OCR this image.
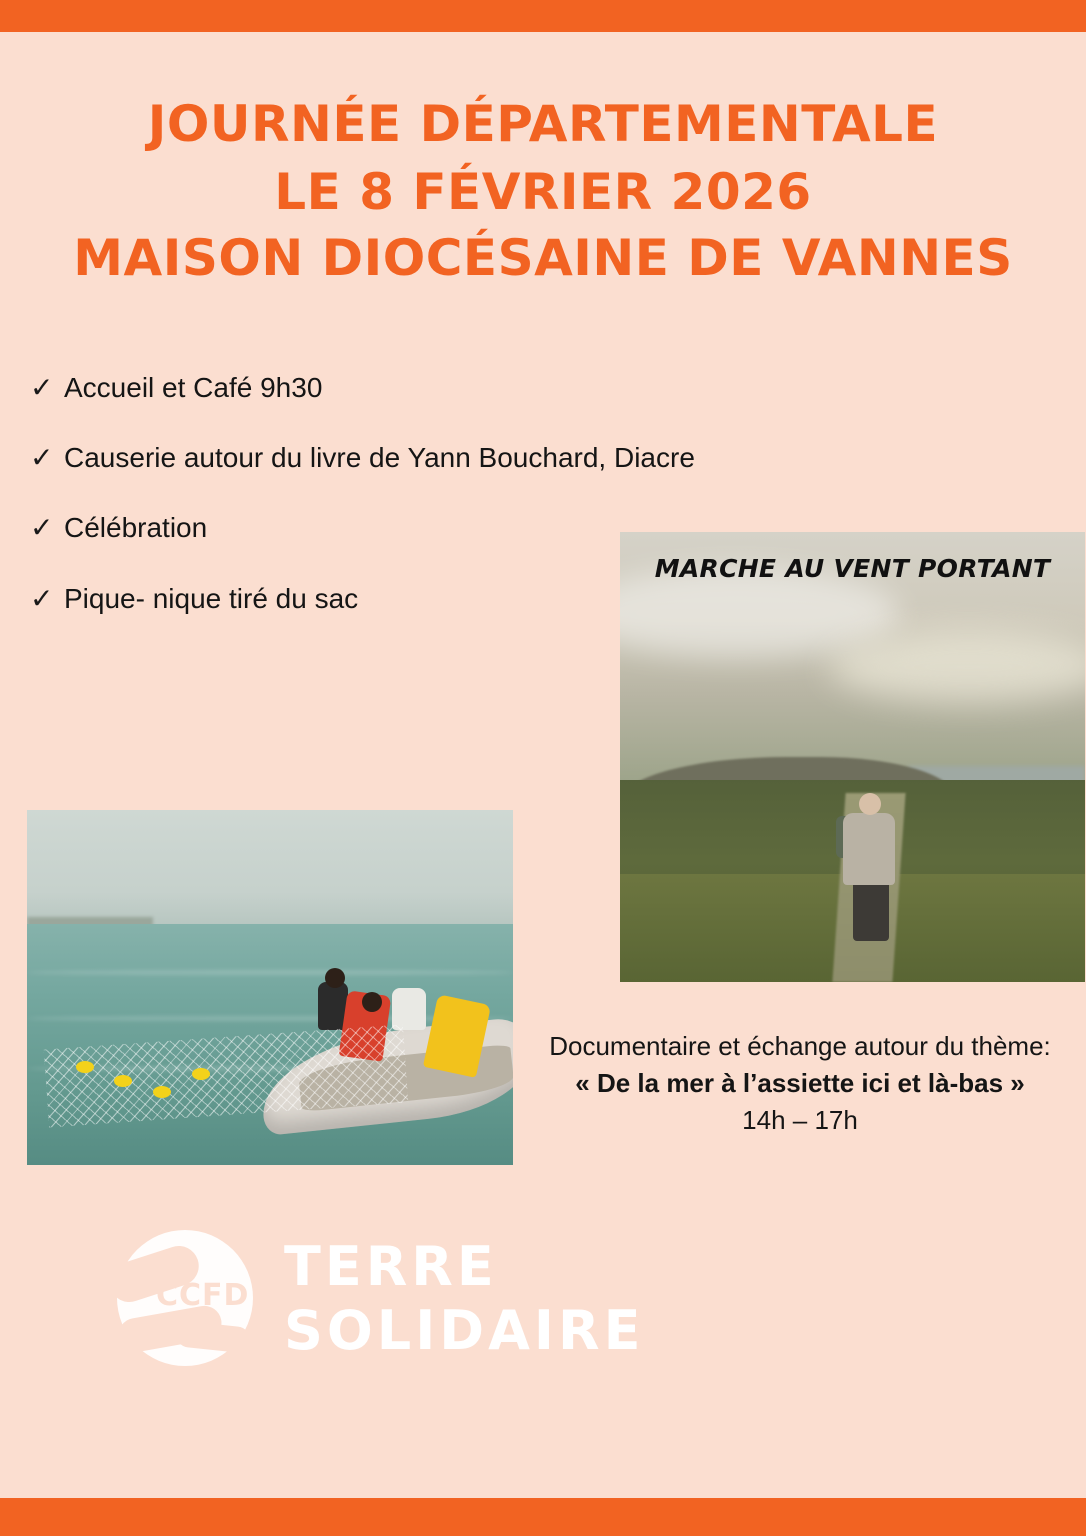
JOURNÉE DÉPARTEMENTALE
LE 8 FÉVRIER 2026
MAISON DIOCÉSAINE DE VANNES
✓ Accueil et Café 9h30
✓ Causerie autour du livre de Yann Bouchard, Diacre
✓ Célébration
✓ Pique- nique tiré du sac
MARCHE AU VENT PORTANT
Documentaire et échange autour du thème:
« De la mer à l’assiette ici et là-bas »
14h – 17h
CCFD TERRE
SOLIDAIRE
